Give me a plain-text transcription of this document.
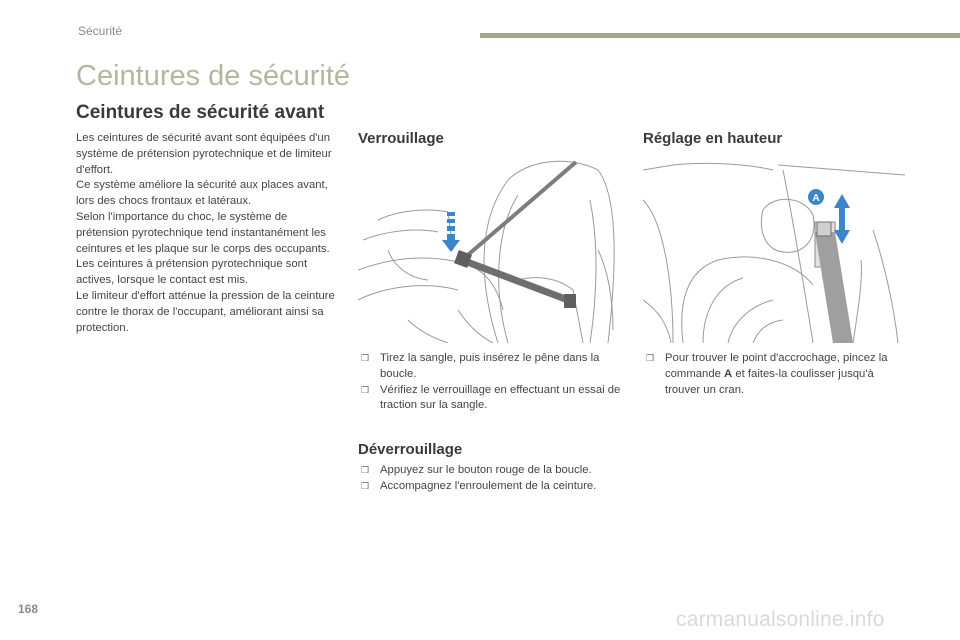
Sécurité
Ceintures de sécurité
Ceintures de sécurité avant

Les ceintures de sécurité avant sont équipées d'un système de prétension pyrotechnique et de limiteur d'effort.

Ce système améliore la sécurité aux places avant, lors des chocs frontaux et latéraux.

Selon l'importance du choc, le système de prétension pyrotechnique tend instantanément les ceintures et les plaque sur le corps des occupants.

Les ceintures à prétension pyrotechnique sont actives, lorsque le contact est mis.

Le limiteur d'effort atténue la pression de la ceinture contre le thorax de l'occupant, améliorant ainsi sa protection.

Verrouillage
❒ Tirez la sangle, puis insérez le pêne dans la boucle.
❒ Vérifiez le verrouillage en effectuant un essai de traction sur la sangle.
Déverrouillage
❒ Appuyez sur le bouton rouge de la boucle.
❒ Accompagnez l'enroulement de la ceinture.
Réglage en hauteur
A
❒ Pour trouver le point d'accrochage, pincez la commande A et faites-la coulisser jusqu'à trouver un cran.
168	carmanualsonline.info
